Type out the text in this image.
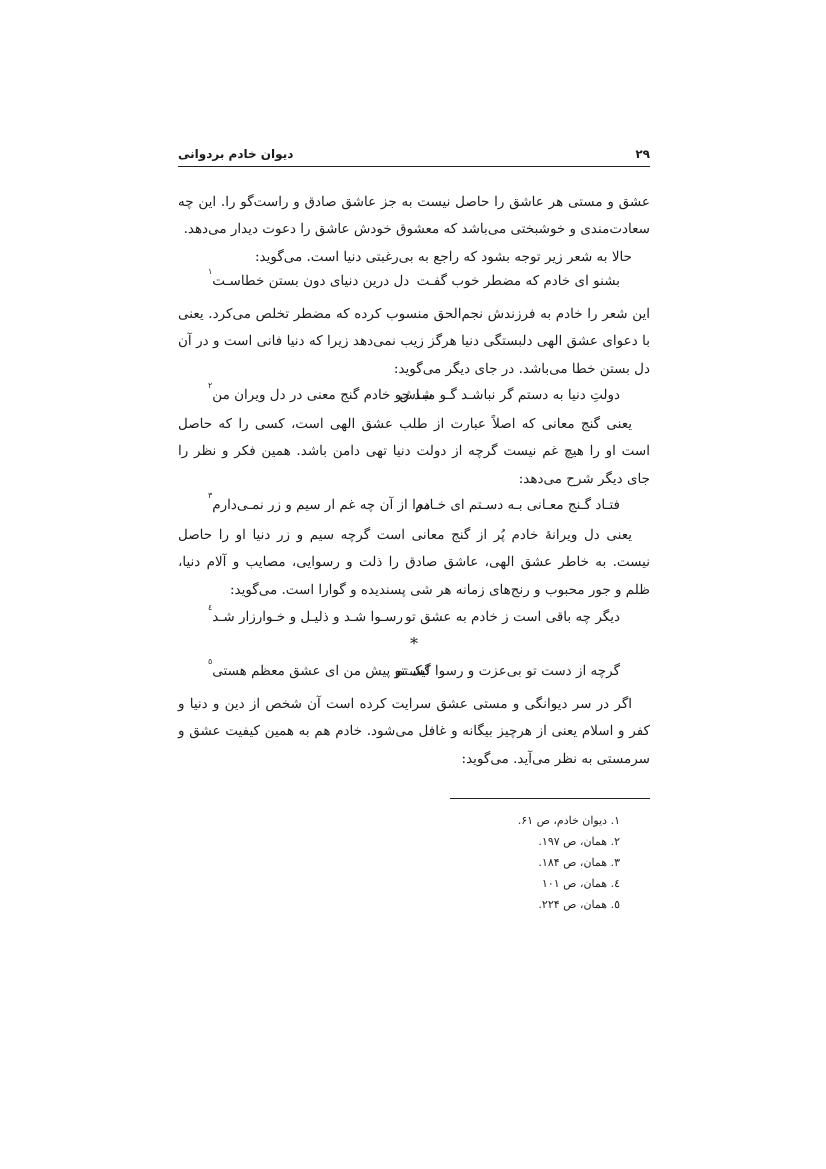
۲۹
دیوان خادم بردوانی

عشق و مستی هر عاشق را حاصل نیست به جز عاشق صادق و راست‌گو را. این چه سعادت‌مندی و خوشبختی می‌باشد که معشوق خودش عاشق را دعوت دیدار می‌دهد.

حالا به شعر زیر توجه بشود که راجع به بی‌رغبتی دنیا است. می‌گوید:

بشنو ای خادم که مضطر خوب گفـت
دل درین دنیای دون بستن خطاسـت$^۱$

این شعر را خادم به فرزندش نجم‌الحق منسوب کرده که مضطر تخلص می‌کرد. یعنی با دعوای عشق الهی دلبستگی دنیا هرگز زیب نمی‌دهد زیرا که دنیا فانی است و در آن دل بستن خطا می‌باشد. در جای دیگر می‌گوید:

دولتِ دنیا به دستم گر نباشـد گـو مبـاش
شد چو خادم گنج معنی در دل ویران من$^۲$

یعنی گنج معانی که اصلاً عبارت از طلب عشق الهی است، کسی را که حاصل است او را هیچ غم نیست گرچه از دولت دنیا تهی دامن باشد. همین فکر و نظر را جای دیگر شرح می‌دهد:

فتـاد گـنج معـانی بـه دسـتم ای خـادم
مرا از آن چه غم ار سیم و زر نمـی‌دارم$^۳$

یعنی دل ویرانهٔ خادم پُر از گنج معانی است گرچه سیم و زر دنیا او را حاصل نیست. به خاطر عشق الهی، عاشق صادق را ذلت و رسوایی، مصایب و آلام دنیا، ظلم و جور محبوب و رنج‌های زمانه هر شی پسندیده و گوارا است. می‌گوید:

دیگر چه باقی است ز خادم به عشق تو
رسـوا شـد و ذلیـل و خـوارزار شـد$^٤$
*
گرچه از دست تو بی‌عزت و رسوا گشـتم
لیک تو پیش من ای عشق معظم هستی$^٥$

اگر در سر دیوانگی و مستی عشق سرایت کرده است آن شخص از دین و دنیا و کفر و اسلام یعنی از هرچیز بیگانه و غافل می‌شود. خادم هم به همین کیفیت عشق و سرمستی به نظر می‌آید. می‌گوید:

۱. دیوان خادم، ص ۶۱.
۲. همان، ص ۱۹۷.
۳. همان، ص ۱۸۴.
٤. همان، ص ۱۰۱
٥. همان، ص ۲۲۴.
